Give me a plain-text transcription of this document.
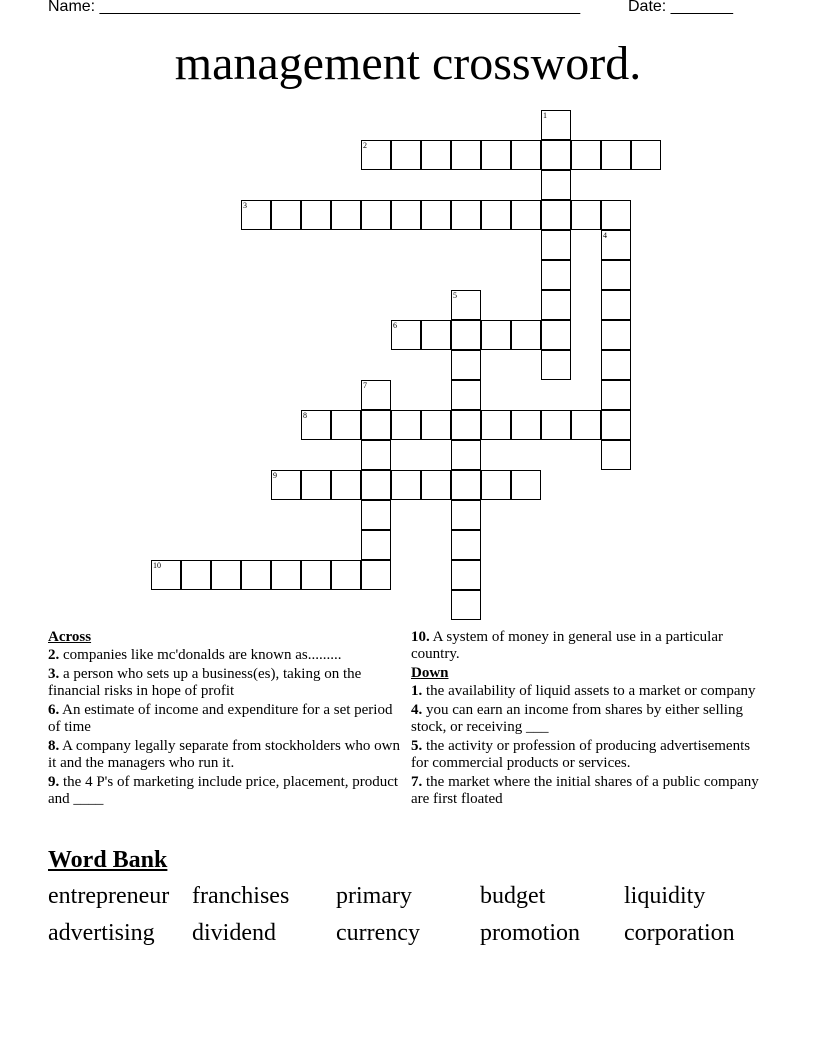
Name: ______________________________________________________	Date: _______
management crossword.
1
2
3
4
5
6
7
8
9
10
Across
2. companies like mc'donalds are known as.........
3. a person who sets up a business(es), taking on the financial risks in hope of profit
6. An estimate of income and expenditure for a set period of time
8. A company legally separate from stockholders who own it and the managers who run it.
9. the 4 P's of marketing include price, placement, product and ____
10. A system of money in general use in a particular country.
Down
1. the availability of liquid assets to a market or company
4. you can earn an income from shares by either selling stock, or receiving ___
5. the activity or profession of producing advertisements for commercial products or services.
7. the market where the initial shares of a public company are first floated
Word Bank
entrepreneur franchises	primary	budget	liquidity
advertising	dividend	currency	promotion	corporation
